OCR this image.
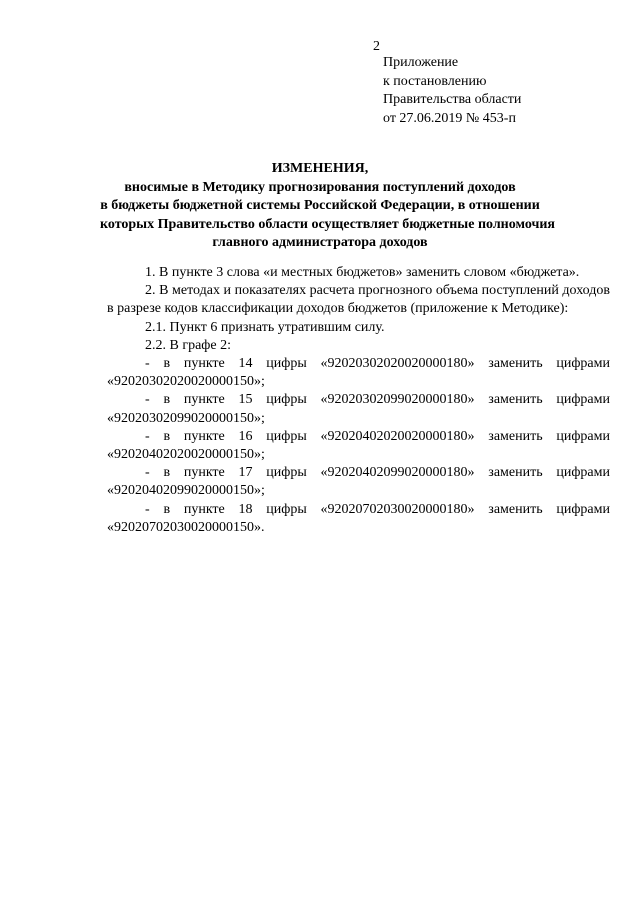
2
Приложение
к постановлению
Правительства области
от 27.06.2019 № 453-п
ИЗМЕНЕНИЯ,
вносимые в Методику прогнозирования поступлений доходов
в бюджеты бюджетной системы Российской Федерации, в отношении
которых Правительство области осуществляет бюджетные полномочия
главного администратора доходов

1. В пункте 3 слова «и местных бюджетов» заменить словом «бюджета».

2. В методах и показателях расчета прогнозного объема поступлений доходов в разрезе кодов классификации доходов бюджетов (приложение к Методике):

2.1. Пункт 6 признать утратившим силу.

2.2. В графе 2:

- в пункте 14 цифры «92020302020020000180» заменить цифрами
«92020302020020000150»;
- в пункте 15 цифры «92020302099020000180» заменить цифрами
«92020302099020000150»;
- в пункте 16 цифры «92020402020020000180» заменить цифрами
«92020402020020000150»;
- в пункте 17 цифры «92020402099020000180» заменить цифрами
«92020402099020000150»;
- в пункте 18 цифры «92020702030020000180» заменить цифрами
«92020702030020000150».
